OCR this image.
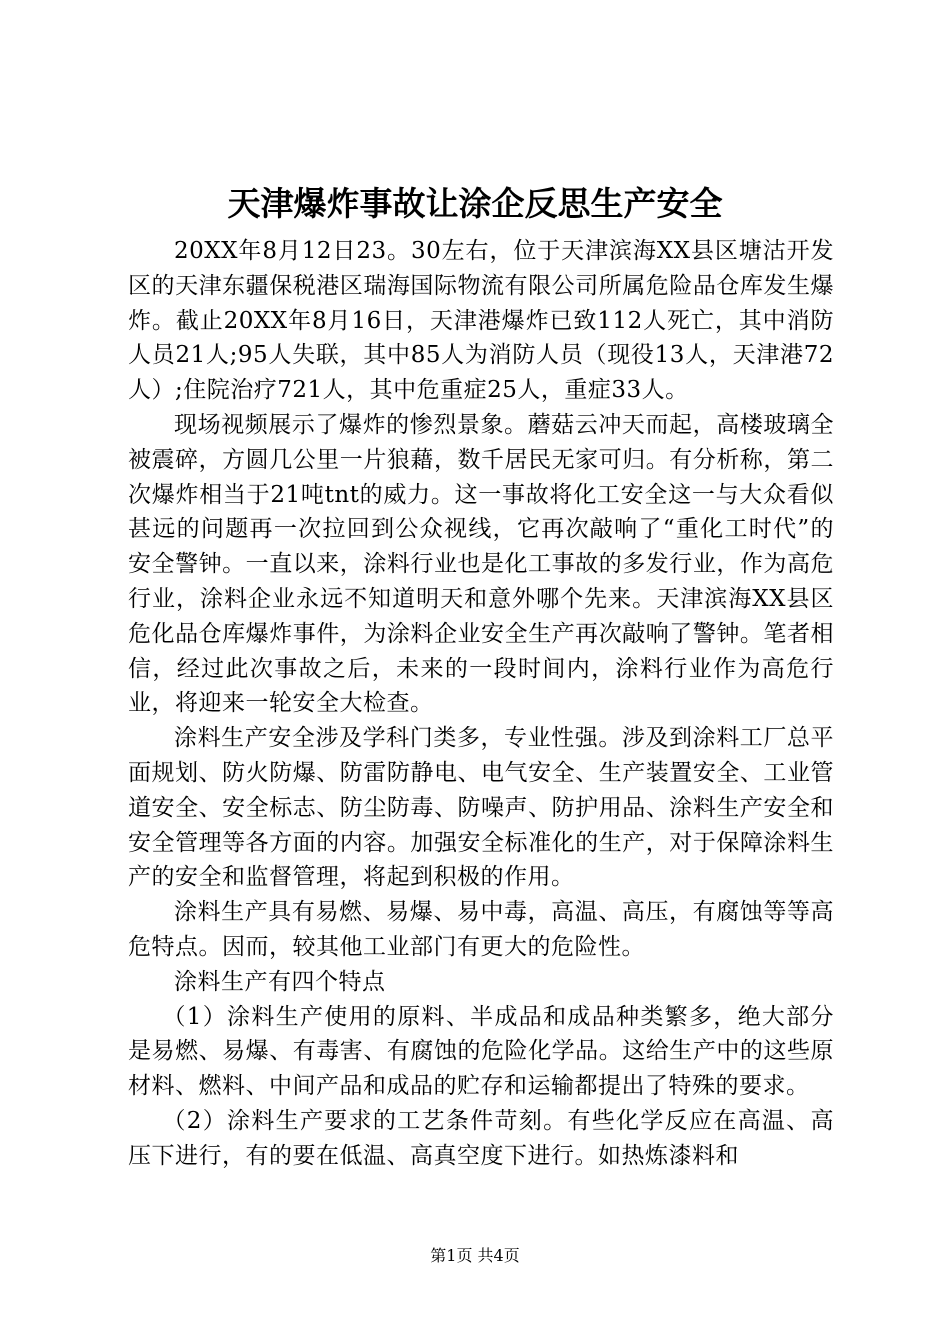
天津爆炸事故让涂企反思生产安全

20XX年8月12日23。30左右，位于天津滨海XX县区塘沽开发区的天津东疆保税港区瑞海国际物流有限公司所属危险品仓库发生爆炸。截止20XX年8月16日，天津港爆炸已致112人死亡，其中消防人员21人;95人失联，其中85人为消防人员（现役13人，天津港72人）;住院治疗721人，其中危重症25人，重症33人。

现场视频展示了爆炸的惨烈景象。蘑菇云冲天而起，高楼玻璃全被震碎，方圆几公里一片狼藉，数千居民无家可归。有分析称，第二次爆炸相当于21吨tnt的威力。这一事故将化工安全这一与大众看似甚远的问题再一次拉回到公众视线，它再次敲响了“重化工时代”的安全警钟。一直以来，涂料行业也是化工事故的多发行业，作为高危行业，涂料企业永远不知道明天和意外哪个先来。天津滨海XX县区危化品仓库爆炸事件，为涂料企业安全生产再次敲响了警钟。笔者相信，经过此次事故之后，未来的一段时间内，涂料行业作为高危行业，将迎来一轮安全大检查。

涂料生产安全涉及学科门类多，专业性强。涉及到涂料工厂总平面规划、防火防爆、防雷防静电、电气安全、生产装置安全、工业管道安全、安全标志、防尘防毒、防噪声、防护用品、涂料生产安全和安全管理等各方面的内容。加强安全标准化的生产，对于保障涂料生产的安全和监督管理，将起到积极的作用。

涂料生产具有易燃、易爆、易中毒，高温、高压，有腐蚀等等高危特点。因而，较其他工业部门有更大的危险性。

涂料生产有四个特点

（1）涂料生产使用的原料、半成品和成品种类繁多，绝大部分是易燃、易爆、有毒害、有腐蚀的危险化学品。这给生产中的这些原材料、燃料、中间产品和成品的贮存和运输都提出了特殊的要求。

（2）涂料生产要求的工艺条件苛刻。有些化学反应在高温、高压下进行，有的要在低温、高真空度下进行。如热炼漆料和

第1页 共4页
